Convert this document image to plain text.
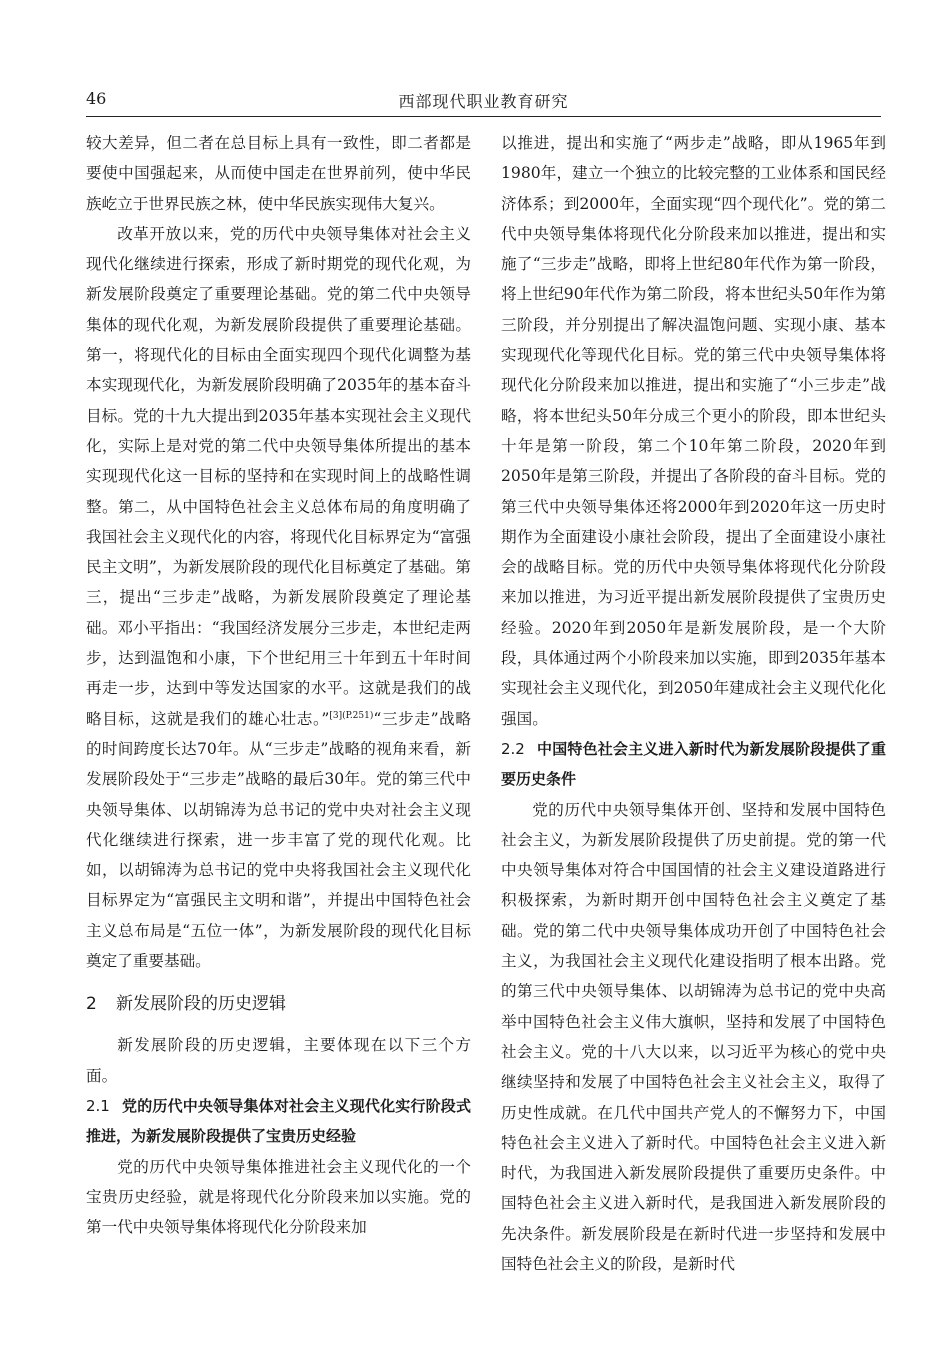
46	西部现代职业教育研究

较大差异，但二者在总目标上具有一致性，即二者都是要使中国强起来，从而使中国走在世界前列，使中华民族屹立于世界民族之林，使中华民族实现伟大复兴。

改革开放以来，党的历代中央领导集体对社会主义现代化继续进行探索，形成了新时期党的现代化观，为新发展阶段奠定了重要理论基础。党的第二代中央领导集体的现代化观，为新发展阶段提供了重要理论基础。第一，将现代化的目标由全面实现四个现代化调整为基本实现现代化，为新发展阶段明确了2035年的基本奋斗目标。党的十九大提出到2035年基本实现社会主义现代化，实际上是对党的第二代中央领导集体所提出的基本实现现代化这一目标的坚持和在实现时间上的战略性调整。第二，从中国特色社会主义总体布局的角度明确了我国社会主义现代化的内容，将现代化目标界定为“富强民主文明”，为新发展阶段的现代化目标奠定了基础。第三，提出“三步走”战略，为新发展阶段奠定了理论基础。邓小平指出：“我国经济发展分三步走，本世纪走两步，达到温饱和小康，下个世纪用三十年到五十年时间再走一步，达到中等发达国家的水平。这就是我们的战略目标，这就是我们的雄心壮志。”$^{[3](P.251)}$“三步走”战略的时间跨度长达70年。从“三步走”战略的视角来看，新发展阶段处于“三步走”战略的最后30年。党的第三代中央领导集体、以胡锦涛为总书记的党中央对社会主义现代化继续进行探索，进一步丰富了党的现代化观。比如，以胡锦涛为总书记的党中央将我国社会主义现代化目标界定为“富强民主文明和谐”，并提出中国特色社会主义总布局是“五位一体”，为新发展阶段的现代化目标奠定了重要基础。

2 新发展阶段的历史逻辑

新发展阶段的历史逻辑，主要体现在以下三个方面。

2.1 党的历代中央领导集体对社会主义现代化实行阶段式推进，为新发展阶段提供了宝贵历史经验

党的历代中央领导集体推进社会主义现代化的一个宝贵历史经验，就是将现代化分阶段来加以实施。党的第一代中央领导集体将现代化分阶段来加

以推进，提出和实施了“两步走”战略，即从1965年到1980年，建立一个独立的比较完整的工业体系和国民经济体系；到2000年，全面实现“四个现代化”。党的第二代中央领导集体将现代化分阶段来加以推进，提出和实施了“三步走”战略，即将上世纪80年代作为第一阶段，将上世纪90年代作为第二阶段，将本世纪头50年作为第三阶段，并分别提出了解决温饱问题、实现小康、基本实现现代化等现代化目标。党的第三代中央领导集体将现代化分阶段来加以推进，提出和实施了“小三步走”战略，将本世纪头50年分成三个更小的阶段，即本世纪头十年是第一阶段，第二个10年第二阶段，2020年到2050年是第三阶段，并提出了各阶段的奋斗目标。党的第三代中央领导集体还将2000年到2020年这一历史时期作为全面建设小康社会阶段，提出了全面建设小康社会的战略目标。党的历代中央领导集体将现代化分阶段来加以推进，为习近平提出新发展阶段提供了宝贵历史经验。2020年到2050年是新发展阶段，是一个大阶段，具体通过两个小阶段来加以实施，即到2035年基本实现社会主义现代化，到2050年建成社会主义现代化化强国。

2.2 中国特色社会主义进入新时代为新发展阶段提供了重要历史条件

党的历代中央领导集体开创、坚持和发展中国特色社会主义，为新发展阶段提供了历史前提。党的第一代中央领导集体对符合中国国情的社会主义建设道路进行积极探索，为新时期开创中国特色社会主义奠定了基础。党的第二代中央领导集体成功开创了中国特色社会主义，为我国社会主义现代化建设指明了根本出路。党的第三代中央领导集体、以胡锦涛为总书记的党中央高举中国特色社会主义伟大旗帜，坚持和发展了中国特色社会主义。党的十八大以来，以习近平为核心的党中央继续坚持和发展了中国特色社会主义社会主义，取得了历史性成就。在几代中国共产党人的不懈努力下，中国特色社会主义进入了新时代。中国特色社会主义进入新时代，为我国进入新发展阶段提供了重要历史条件。中国特色社会主义进入新时代，是我国进入新发展阶段的先决条件。新发展阶段是在新时代进一步坚持和发展中国特色社会主义的阶段，是新时代
